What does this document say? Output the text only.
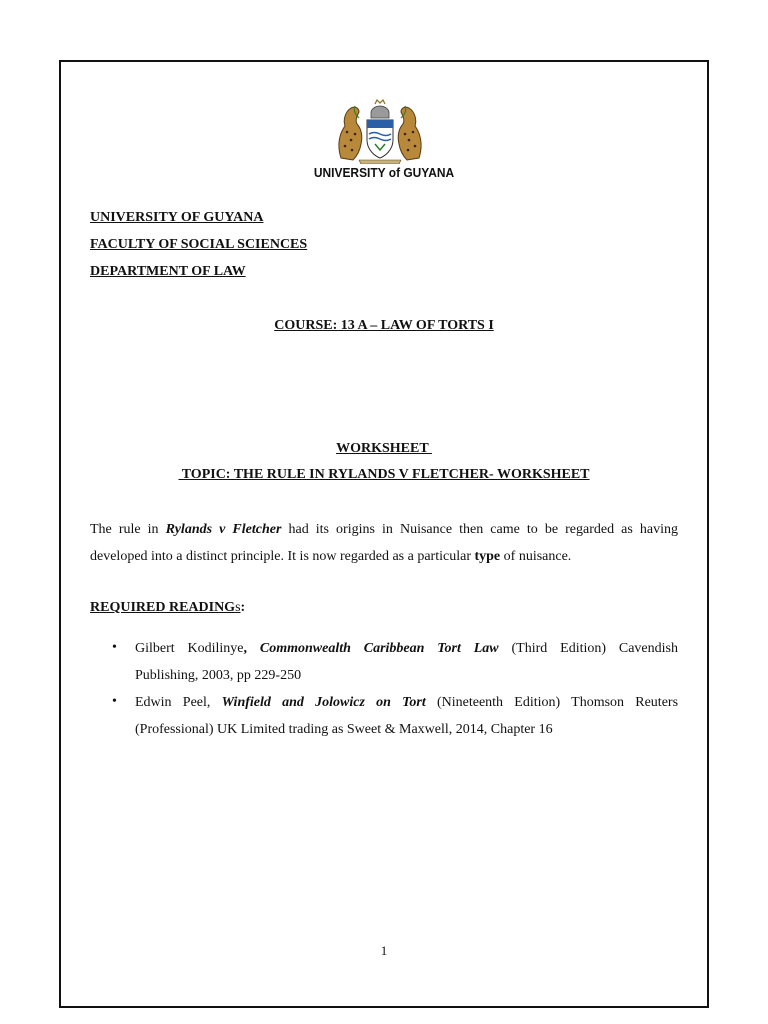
UNIVERSITY of GUYANA
UNIVERSITY OF GUYANA
FACULTY OF SOCIAL SCIENCES
DEPARTMENT OF LAW
COURSE: 13 A – LAW OF TORTS I
WORKSHEET
TOPIC: THE RULE IN RYLANDS V FLETCHER- WORKSHEET
The rule in Rylands v Fletcher had its origins in Nuisance then came to be regarded as having
developed into a distinct principle. It is now regarded as a particular type of nuisance.
REQUIRED READINGs:
• Gilbert Kodilinye, Commonwealth Caribbean Tort Law (Third Edition) Cavendish
Publishing, 2003, pp 229-250
• Edwin Peel, Winfield and Jolowicz on Tort (Nineteenth Edition) Thomson Reuters
(Professional) UK Limited trading as Sweet & Maxwell, 2014, Chapter 16
1
